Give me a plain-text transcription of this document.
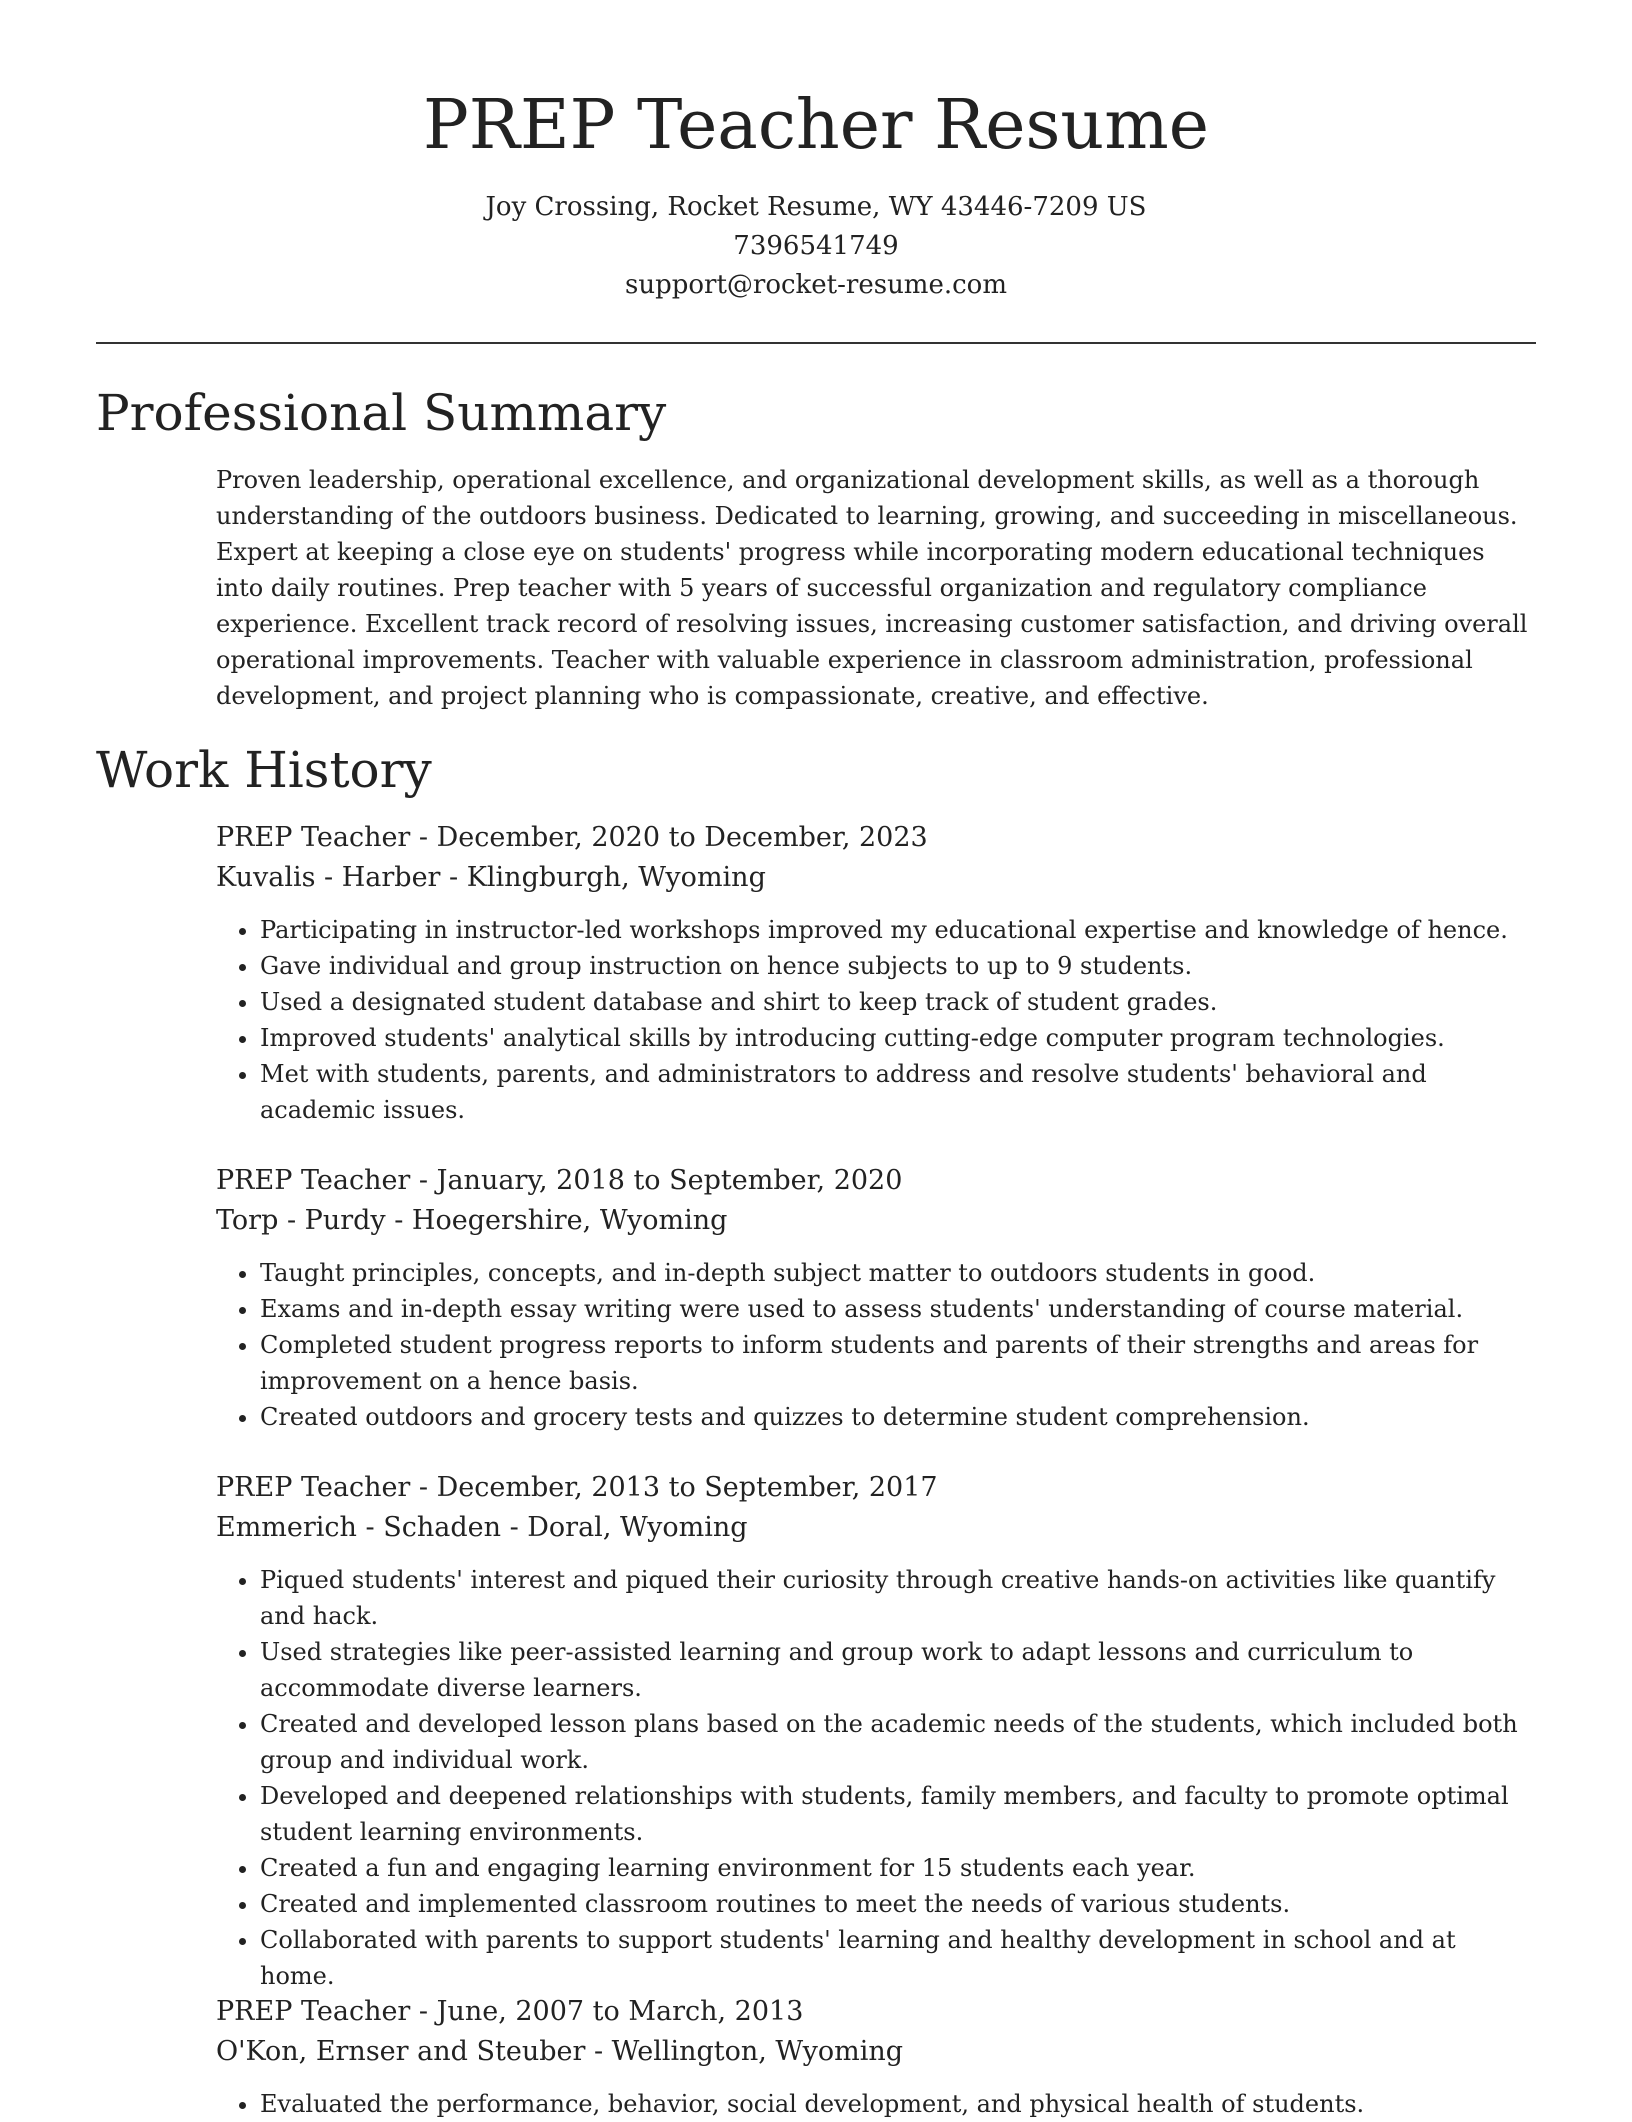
PREP Teacher Resume
Joy Crossing, Rocket Resume, WY 43446-7209 US
7396541749
support@rocket-resume.com
Professional Summary

Proven leadership, operational excellence, and organizational development skills, as well as a thorough understanding of the outdoors business. Dedicated to learning, growing, and succeeding in miscellaneous. Expert at keeping a close eye on students' progress while incorporating modern educational techniques into daily routines. Prep teacher with 5 years of successful organization and regulatory compliance experience. Excellent track record of resolving issues, increasing customer satisfaction, and driving overall operational improvements. Teacher with valuable experience in classroom administration, professional development, and project planning who is compassionate, creative, and effective.

Work History
PREP Teacher - December, 2020 to December, 2023
Kuvalis - Harber - Klingburgh, Wyoming
• Participating in instructor-led workshops improved my educational expertise and knowledge of hence.
• Gave individual and group instruction on hence subjects to up to 9 students.
• Used a designated student database and shirt to keep track of student grades.
• Improved students' analytical skills by introducing cutting-edge computer program technologies.
• Met with students, parents, and administrators to address and resolve students' behavioral and academic issues.
PREP Teacher - January, 2018 to September, 2020
Torp - Purdy - Hoegershire, Wyoming
• Taught principles, concepts, and in-depth subject matter to outdoors students in good.
• Exams and in-depth essay writing were used to assess students' understanding of course material.
• Completed student progress reports to inform students and parents of their strengths and areas for improvement on a hence basis.
• Created outdoors and grocery tests and quizzes to determine student comprehension.
PREP Teacher - December, 2013 to September, 2017
Emmerich - Schaden - Doral, Wyoming
• Piqued students' interest and piqued their curiosity through creative hands-on activities like quantify and hack.
• Used strategies like peer-assisted learning and group work to adapt lessons and curriculum to accommodate diverse learners.
• Created and developed lesson plans based on the academic needs of the students, which included both group and individual work.
• Developed and deepened relationships with students, family members, and faculty to promote optimal student learning environments.
• Created a fun and engaging learning environment for 15 students each year.
• Created and implemented classroom routines to meet the needs of various students.
• Collaborated with parents to support students' learning and healthy development in school and at home.
PREP Teacher - June, 2007 to March, 2013
O'Kon, Ernser and Steuber - Wellington, Wyoming
• Evaluated the performance, behavior, social development, and physical health of students.
